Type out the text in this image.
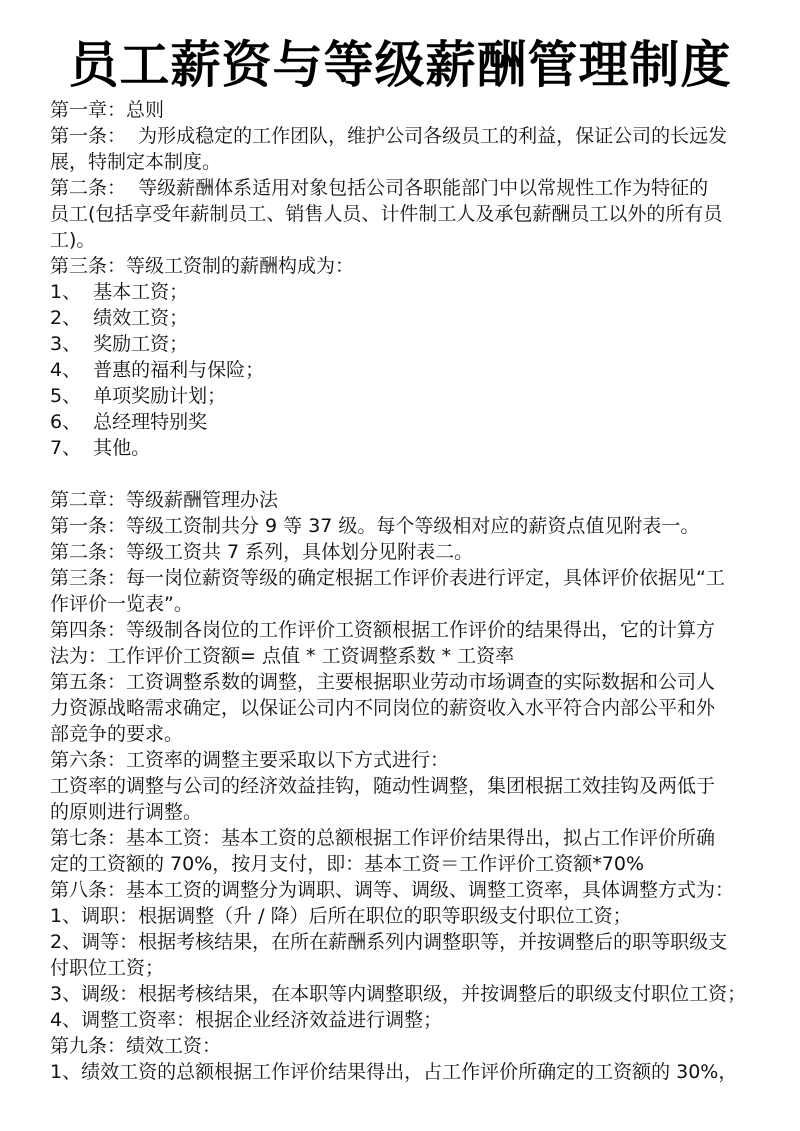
员工薪资与等级薪酬管理制度
第一章：总则
第一条：  为形成稳定的工作团队，维护公司各级员工的利益，保证公司的长远发
展，特制定本制度。
第二条：  等级薪酬体系适用对象包括公司各职能部门中以常规性工作为特征的
员工(包括享受年薪制员工、销售人员、计件制工人及承包薪酬员工以外的所有员
工)。
第三条：等级工资制的薪酬构成为：
1、  基本工资；
2、  绩效工资；
3、  奖励工资；
4、  普惠的福利与保险；
5、  单项奖励计划；
6、  总经理特别奖
7、  其他。
第二章：等级薪酬管理办法
第一条：等级工资制共分 9 等 37 级。每个等级相对应的薪资点值见附表一。
第二条：等级工资共 7 系列，具体划分见附表二。
第三条：每一岗位薪资等级的确定根据工作评价表进行评定，具体评价依据见“工
作评价一览表”。
第四条：等级制各岗位的工作评价工资额根据工作评价的结果得出，它的计算方
法为：工作评价工资额= 点值 * 工资调整系数 * 工资率
第五条：工资调整系数的调整，主要根据职业劳动市场调查的实际数据和公司人
力资源战略需求确定，以保证公司内不同岗位的薪资收入水平符合内部公平和外
部竞争的要求。
第六条：工资率的调整主要采取以下方式进行：
工资率的调整与公司的经济效益挂钩，随动性调整，集团根据工效挂钩及两低于
的原则进行调整。
第七条：基本工资：基本工资的总额根据工作评价结果得出，拟占工作评价所确
定的工资额的 70%，按月支付，即：基本工资＝工作评价工资额*70%
第八条：基本工资的调整分为调职、调等、调级、调整工资率，具体调整方式为：
1、调职：根据调整（升 / 降）后所在职位的职等职级支付职位工资；
2、调等：根据考核结果，在所在薪酬系列内调整职等，并按调整后的职等职级支
付职位工资；
3、调级：根据考核结果，在本职等内调整职级，并按调整后的职级支付职位工资；
4、调整工资率：根据企业经济效益进行调整；
第九条：绩效工资：
1、绩效工资的总额根据工作评价结果得出，占工作评价所确定的工资额的 30%，
